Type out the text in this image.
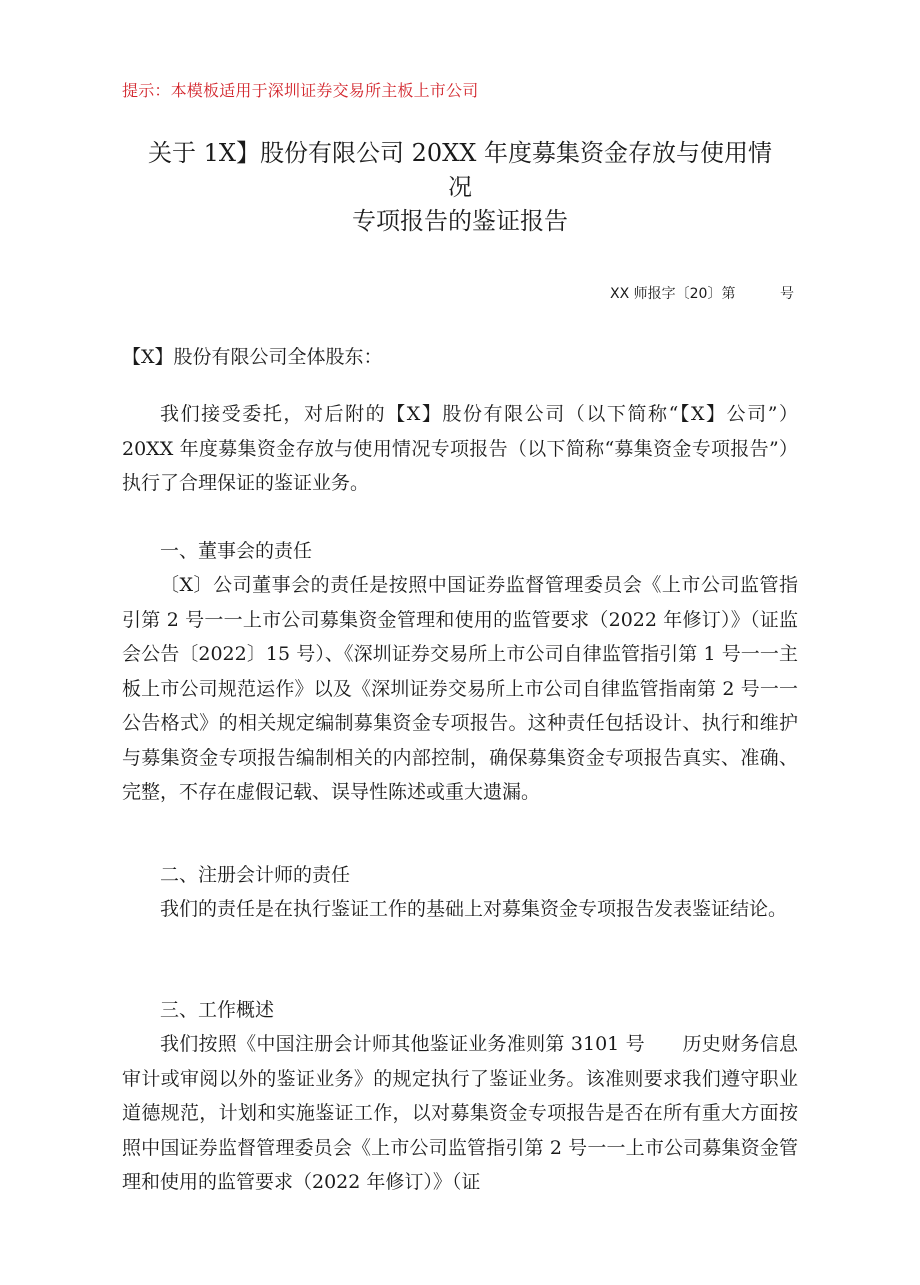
提示：本模板适用于深圳证券交易所主板上市公司
关于 1X】股份有限公司 20XX 年度募集资金存放与使用情
况
专项报告的鉴证报告
XX 师报字〔20〕第          号
【X】股份有限公司全体股东：

我们接受委托，对后附的【X】股份有限公司（以下简称“【X】公司”）20XX 年度募集资金存放与使用情况专项报告（以下简称“募集资金专项报告”）执行了合理保证的鉴证业务。

一、董事会的责任

〔X〕公司董事会的责任是按照中国证券监督管理委员会《上市公司监管指引第 2 号一一上市公司募集资金管理和使用的监管要求（2022 年修订）》（证监会公告〔2022〕15 号）、《深圳证券交易所上市公司自律监管指引第 1 号一一主板上市公司规范运作》以及《深圳证券交易所上市公司自律监管指南第 2 号一一公告格式》的相关规定编制募集资金专项报告。这种责任包括设计、执行和维护与募集资金专项报告编制相关的内部控制，确保募集资金专项报告真实、准确、完整，不存在虚假记载、误导性陈述或重大遗漏。

二、注册会计师的责任

我们的责任是在执行鉴证工作的基础上对募集资金专项报告发表鉴证结论。

三、工作概述

我们按照《中国注册会计师其他鉴证业务准则第 3101 号      历史财务信息审计或审阅以外的鉴证业务》的规定执行了鉴证业务。该准则要求我们遵守职业道德规范，计划和实施鉴证工作，以对募集资金专项报告是否在所有重大方面按照中国证券监督管理委员会《上市公司监管指引第 2 号一一上市公司募集资金管理和使用的监管要求（2022 年修订）》（证
